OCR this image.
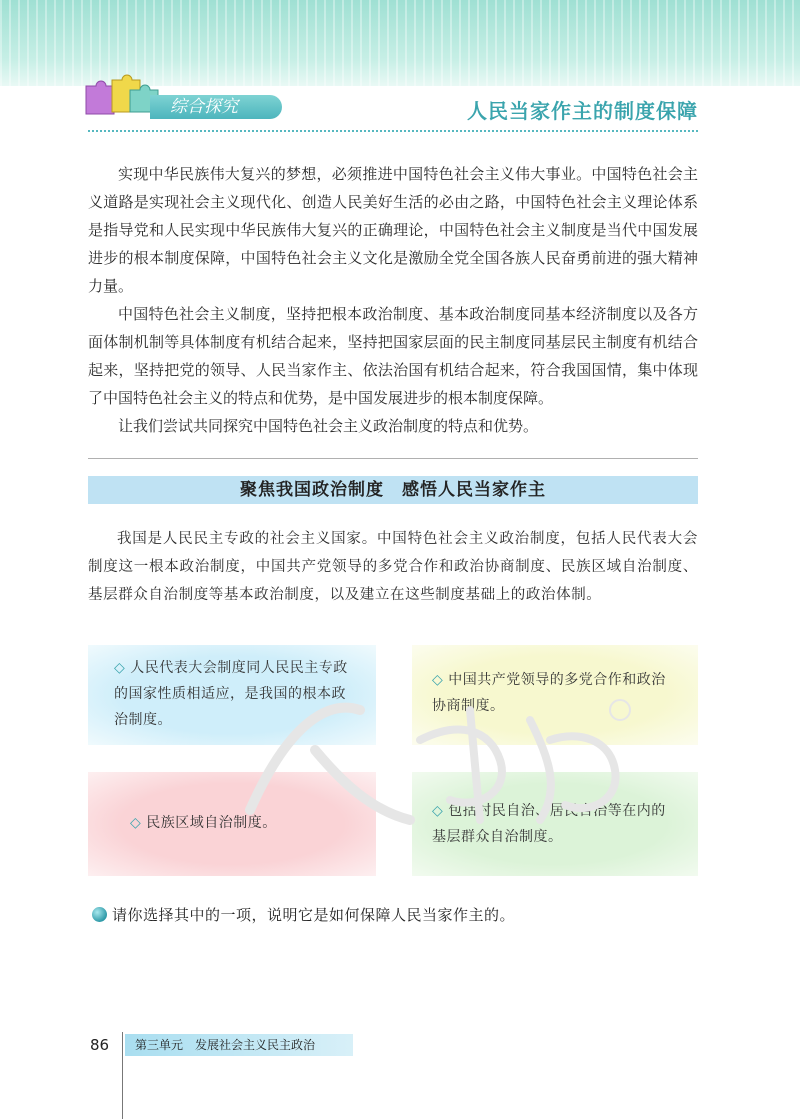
综合探究	人民当家作主的制度保障

实现中华民族伟大复兴的梦想，必须推进中国特色社会主义伟大事业。中国特色社会主义道路是实现社会主义现代化、创造人民美好生活的必由之路，中国特色社会主义理论体系是指导党和人民实现中华民族伟大复兴的正确理论，中国特色社会主义制度是当代中国发展进步的根本制度保障，中国特色社会主义文化是激励全党全国各族人民奋勇前进的强大精神力量。

中国特色社会主义制度，坚持把根本政治制度、基本政治制度同基本经济制度以及各方面体制机制等具体制度有机结合起来，坚持把国家层面的民主制度同基层民主制度有机结合起来，坚持把党的领导、人民当家作主、依法治国有机结合起来，符合我国国情，集中体现了中国特色社会主义的特点和优势，是中国发展进步的根本制度保障。

让我们尝试共同探究中国特色社会主义政治制度的特点和优势。

聚焦我国政治制度　感悟人民当家作主

我国是人民民主专政的社会主义国家。中国特色社会主义政治制度，包括人民代表大会制度这一根本政治制度，中国共产党领导的多党合作和政治协商制度、民族区域自治制度、基层群众自治制度等基本政治制度，以及建立在这些制度基础上的政治体制。

◇ 人民代表大会制度同人民民主专政的国家性质相适应，是我国的根本政治制度。
◇ 中国共产党领导的多党合作和政治协商制度。
◇ 民族区域自治制度。
◇ 包括村民自治、居民自治等在内的基层群众自治制度。
请你选择其中的一项，说明它是如何保障人民当家作主的。
86	第三单元　发展社会主义民主政治
